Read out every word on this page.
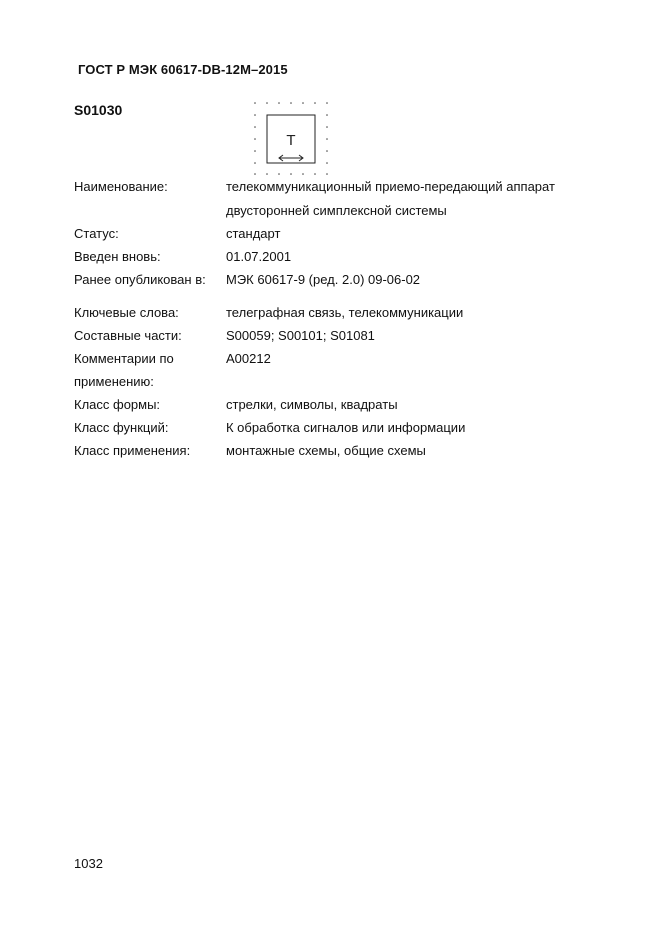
ГОСТ Р МЭК 60617-DB-12M–2015
S01030
T
Наименование:	телекоммуникационный приемо-передающий аппарат
двусторонней симплексной системы
Статус:	стандарт
Введен вновь:	01.07.2001
Ранее опубликован в: МЭК 60617-9 (ред. 2.0) 09-06-02
Ключевые слова:	телеграфная связь, телекоммуникации
Составные части:	S00059; S00101; S01081
Комментарии по	A00212
применению:
Класс формы:	стрелки, символы, квадраты
Класс функций:	К обработка сигналов или информации
Класс применения:	монтажные схемы, общие схемы
1032
